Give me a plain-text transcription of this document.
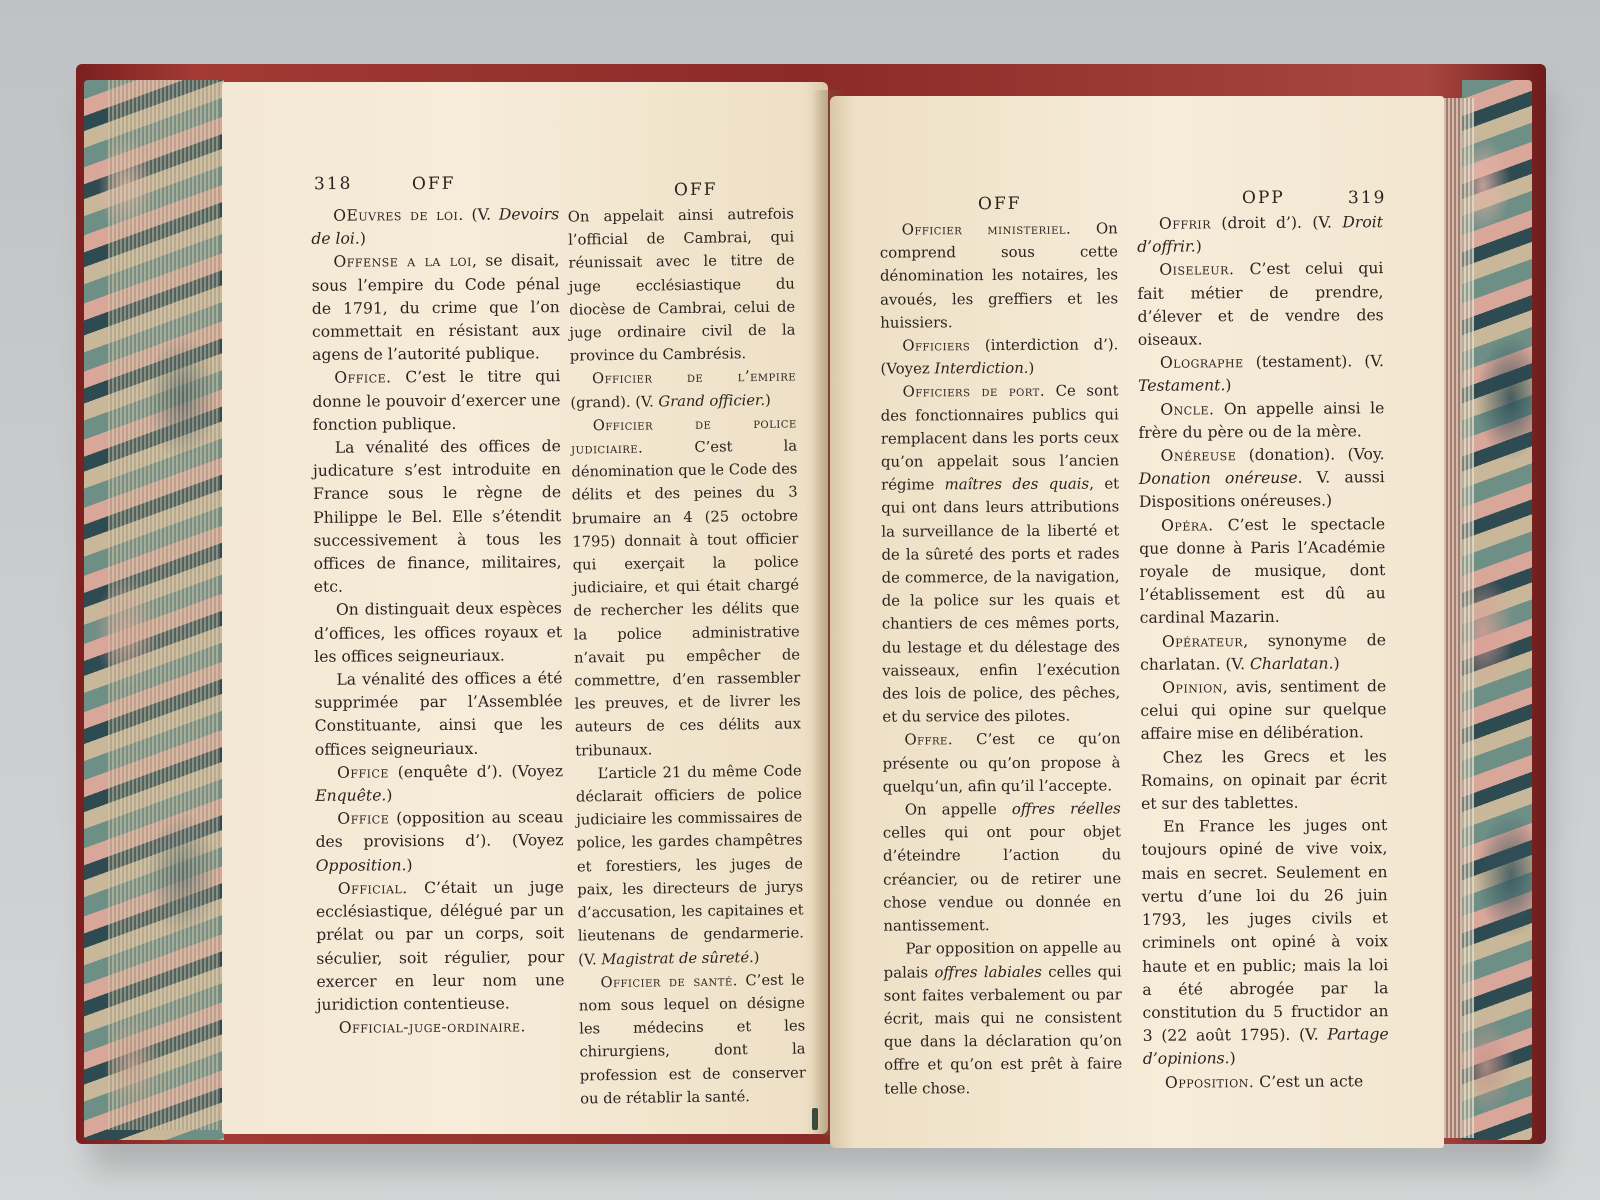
318	OFF	OFF

OEuvres de loi. (V. Devoirs de loi.)

Offense a la loi, se disait, sous l’empire du Code pénal de 1791, du crime que l’on commettait en résistant aux agens de l’autorité publique.

Office. C’est le titre qui donne le pouvoir d’exercer une fonction publique.

La vénalité des offices de judicature s’est introduite en France sous le règne de Philippe le Bel. Elle s’étendit successivement à tous les offices de finance, militaires, etc.

On distinguait deux espèces d’offices, les offices royaux et les offices seigneuriaux.

La vénalité des offices a été supprimée par l’Assemblée Constituante, ainsi que les offices seigneuriaux.

Office (enquête d’). (Voyez Enquête.)

Office (opposition au sceau des provisions d’). (Voyez Opposition.)

Official. C’était un juge ecclésiastique, délégué par un prélat ou par un corps, soit séculier, soit régulier, pour exercer en leur nom une juridiction contentieuse.

Official-juge-ordinaire.

On appelait ainsi autrefois l’official de Cambrai, qui réunissait avec le titre de juge ecclésiastique du diocèse de Cambrai, celui de juge ordinaire civil de la province du Cambrésis.

Officier de l’empire (grand). (V. Grand officier.)

Officier de police judiciaire. C’est la dénomination que le Code des délits et des peines du 3 brumaire an 4 (25 octobre 1795) donnait à tout officier qui exerçait la police judiciaire, et qui était chargé de rechercher les délits que la police administrative n’avait pu empêcher de commettre, d’en rassembler les preuves, et de livrer les auteurs de ces délits aux tribunaux.

L’article 21 du même Code déclarait officiers de police judiciaire les commissaires de police, les gardes champêtres et forestiers, les juges de paix, les directeurs de jurys d’accusation, les capitaines et lieutenans de gendarmerie. (V. Magistrat de sûreté.)

Officier de santé. C’est le nom sous lequel on désigne les médecins et les chirurgiens, dont la profession est de conserver ou de rétablir la santé.

OFF	OPP	319

Officier ministeriel. On comprend sous cette dénomination les notaires, les avoués, les greffiers et les huissiers.

Officiers (interdiction d’). (Voyez Interdiction.)

Officiers de port. Ce sont des fonctionnaires publics qui remplacent dans les ports ceux qu’on appelait sous l’ancien régime maîtres des quais, et qui ont dans leurs attributions la surveillance de la liberté et de la sûreté des ports et rades de commerce, de la navigation, de la police sur les quais et chantiers de ces mêmes ports, du lestage et du délestage des vaisseaux, enfin l’exécution des lois de police, des pêches, et du service des pilotes.

Offre. C’est ce qu’on présente ou qu’on propose à quelqu’un, afin qu’il l’accepte.

On appelle offres réelles celles qui ont pour objet d’éteindre l’action du créancier, ou de retirer une chose vendue ou donnée en nantissement.

Par opposition on appelle au palais offres labiales celles qui sont faites verbalement ou par écrit, mais qui ne consistent que dans la déclaration qu’on offre et qu’on est prêt à faire telle chose.

Offrir (droit d’). (V. Droit d’offrir.)

Oiseleur. C’est celui qui fait métier de prendre, d’élever et de vendre des oiseaux.

Olographe (testament). (V. Testament.)

Oncle. On appelle ainsi le frère du père ou de la mère.

Onéreuse (donation). (Voy. Donation onéreuse. V. aussi Dispositions onéreuses.)

Opéra. C’est le spectacle que donne à Paris l’Académie royale de musique, dont l’établissement est dû au cardinal Mazarin.

Opérateur, synonyme de charlatan. (V. Charlatan.)

Opinion, avis, sentiment de celui qui opine sur quelque affaire mise en délibération.

Chez les Grecs et les Romains, on opinait par écrit et sur des tablettes.

En France les juges ont toujours opiné de vive voix, mais en secret. Seulement en vertu d’une loi du 26 juin 1793, les juges civils et criminels ont opiné à voix haute et en public; mais la loi a été abrogée par la constitution du 5 fructidor an 3 (22 août 1795). (V. Partage d’opinions.)

Opposition. C’est un acte
